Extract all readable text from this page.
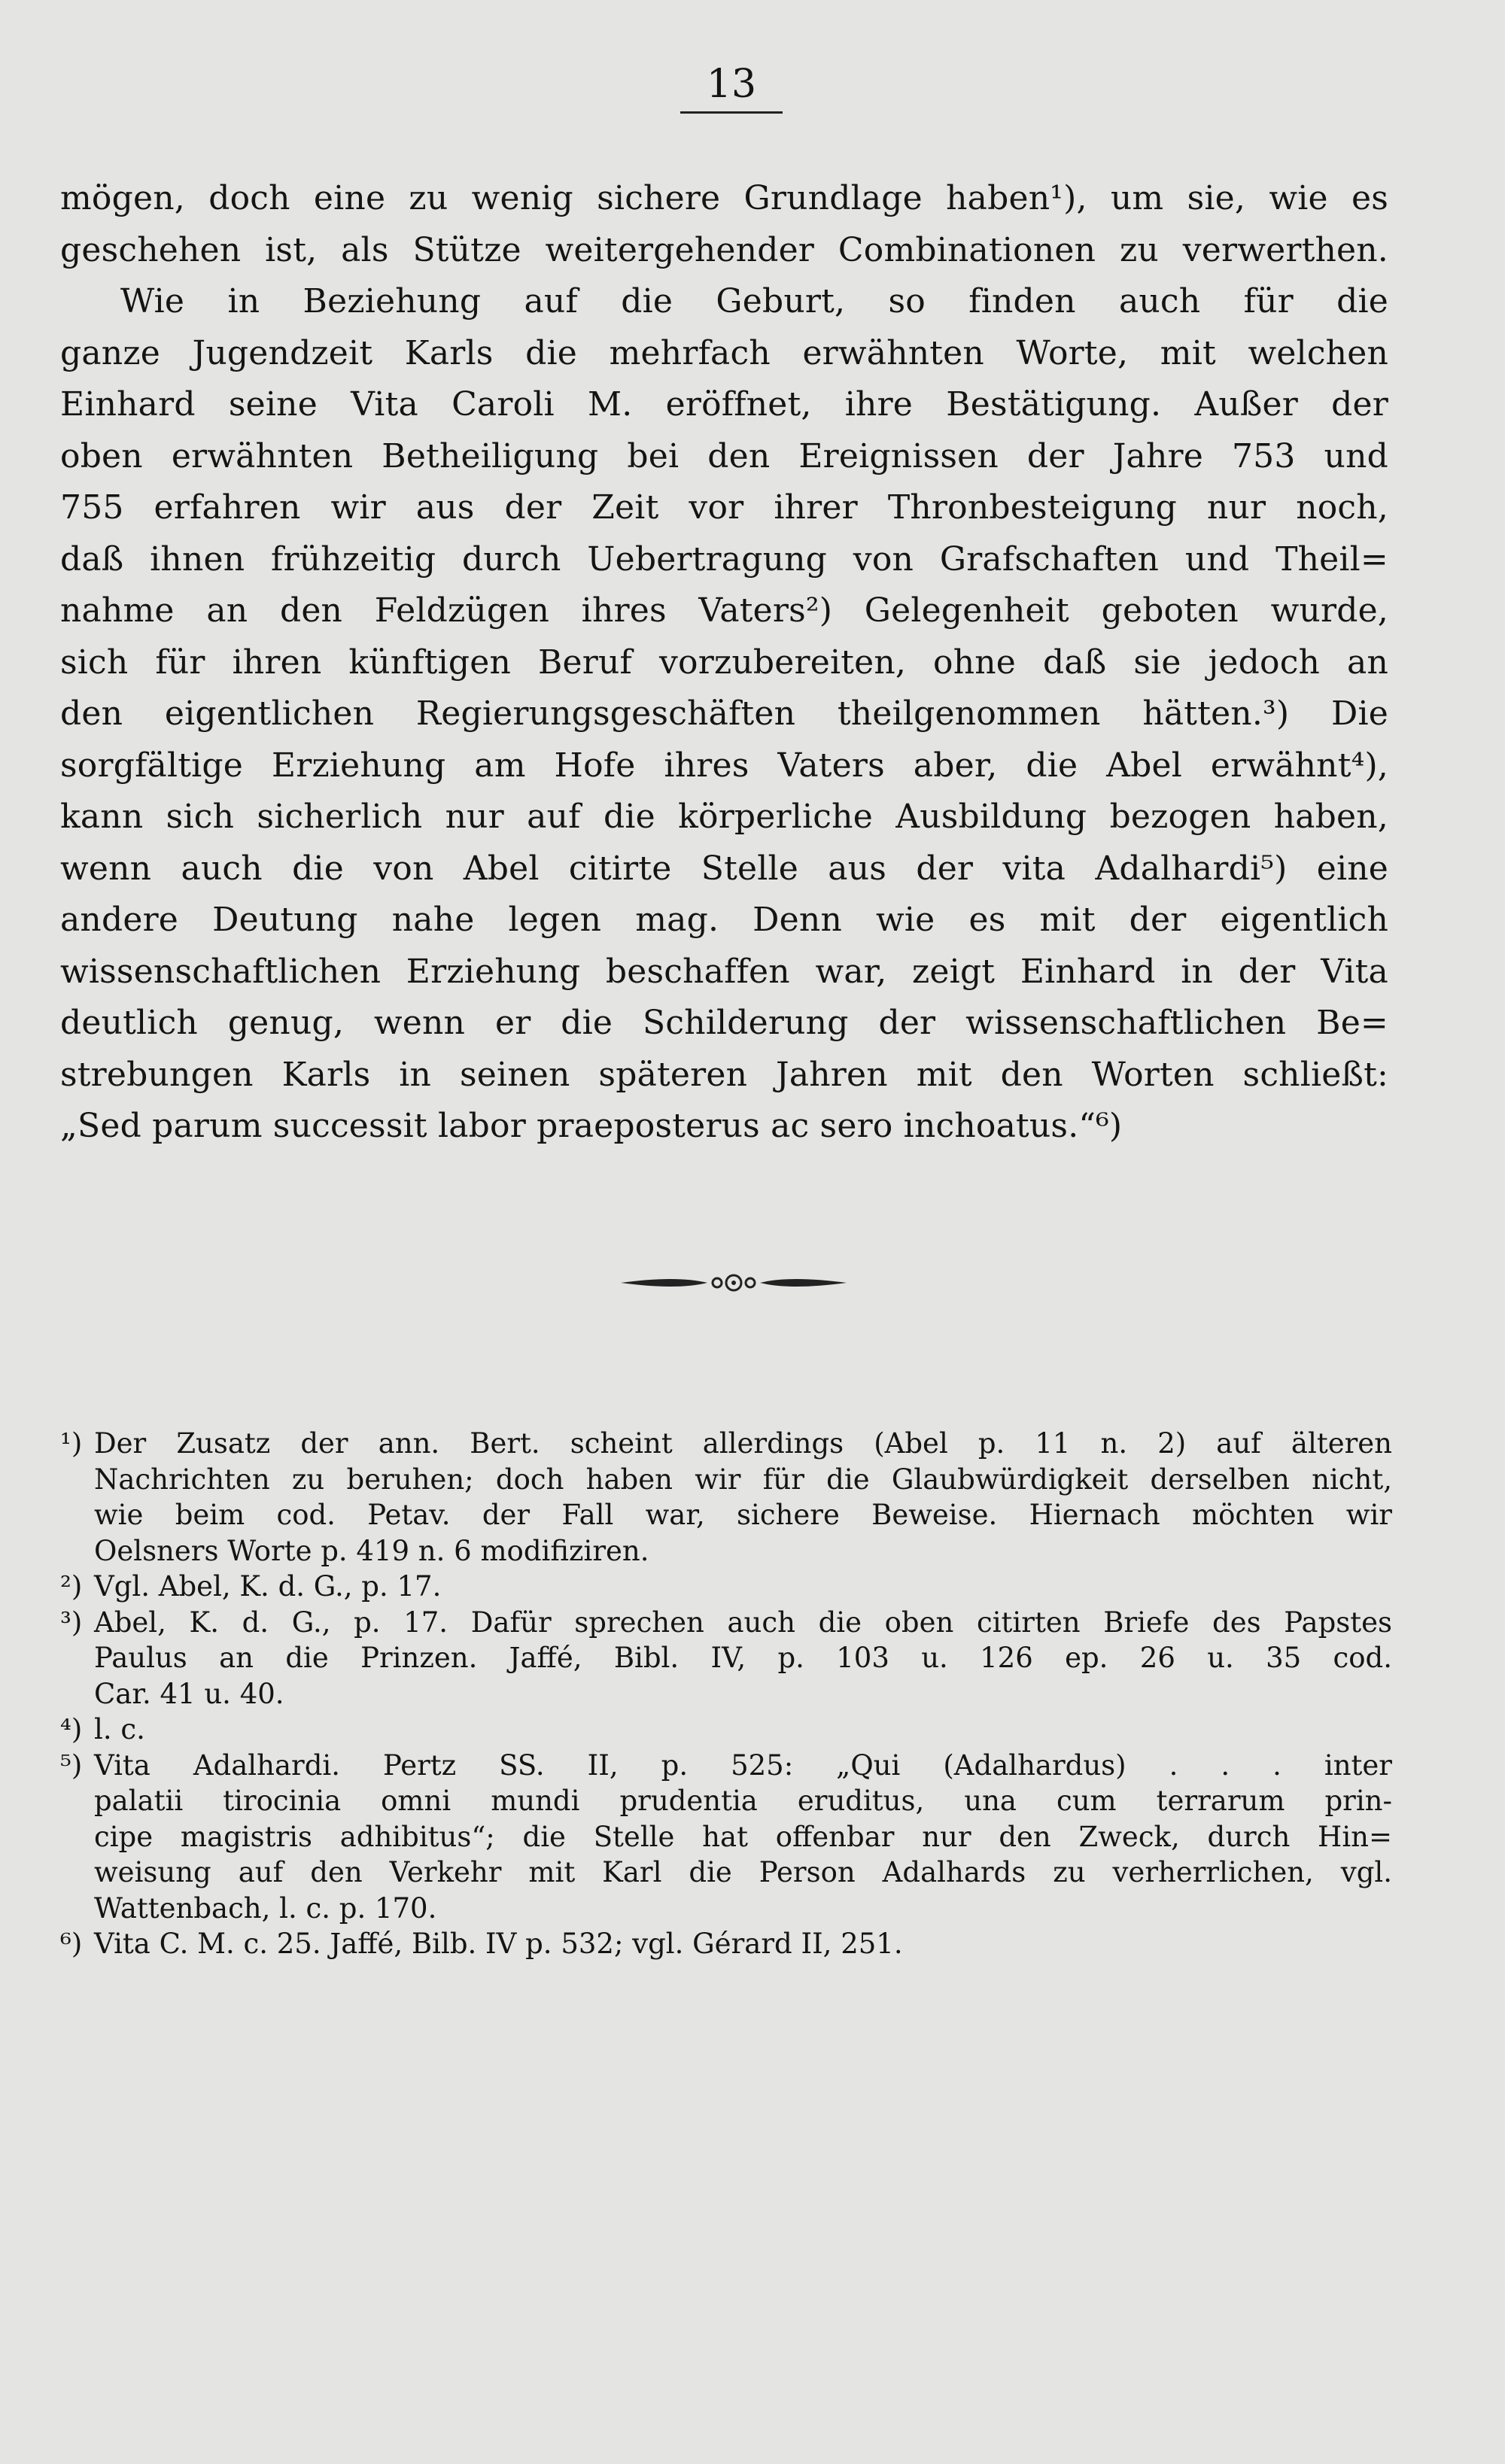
13
mögen, doch eine zu wenig sichere Grundlage haben¹), um sie, wie es
geschehen ist, als Stütze weitergehender Combinationen zu verwerthen.
Wie in Beziehung auf die Geburt, so finden auch für die
ganze Jugendzeit Karls die mehrfach erwähnten Worte, mit welchen
Einhard seine Vita Caroli M. eröffnet, ihre Bestätigung. Außer der
oben erwähnten Betheiligung bei den Ereignissen der Jahre 753 und
755 erfahren wir aus der Zeit vor ihrer Thronbesteigung nur noch,
daß ihnen frühzeitig durch Uebertragung von Grafschaften und Theil=
nahme an den Feldzügen ihres Vaters²) Gelegenheit geboten wurde,
sich für ihren künftigen Beruf vorzubereiten, ohne daß sie jedoch an
den eigentlichen Regierungsgeschäften theilgenommen hätten.³) Die
sorgfältige Erziehung am Hofe ihres Vaters aber, die Abel erwähnt⁴),
kann sich sicherlich nur auf die körperliche Ausbildung bezogen haben,
wenn auch die von Abel citirte Stelle aus der vita Adalhardi⁵) eine
andere Deutung nahe legen mag. Denn wie es mit der eigentlich
wissenschaftlichen Erziehung beschaffen war, zeigt Einhard in der Vita
deutlich genug, wenn er die Schilderung der wissenschaftlichen Be=
strebungen Karls in seinen späteren Jahren mit den Worten schließt:
„Sed parum successit labor praeposterus ac sero inchoatus.“⁶)
¹) Der Zusatz der ann. Bert. scheint allerdings (Abel p. 11 n. 2) auf älteren
Nachrichten zu beruhen; doch haben wir für die Glaubwürdigkeit derselben nicht,
wie beim cod. Petav. der Fall war, sichere Beweise. Hiernach möchten wir
Oelsners Worte p. 419 n. 6 modifiziren.
²) Vgl. Abel, K. d. G., p. 17.
³) Abel, K. d. G., p. 17. Dafür sprechen auch die oben citirten Briefe des Papstes
Paulus an die Prinzen. Jaffé, Bibl. IV, p. 103 u. 126 ep. 26 u. 35 cod.
Car. 41 u. 40.
⁴) l. c.
⁵) Vita Adalhardi. Pertz SS. II, p. 525: „Qui (Adalhardus) . . . inter
palatii tirocinia omni mundi prudentia eruditus, una cum terrarum prin-
cipe magistris adhibitus“; die Stelle hat offenbar nur den Zweck, durch Hin=
weisung auf den Verkehr mit Karl die Person Adalhards zu verherrlichen, vgl.
Wattenbach, l. c. p. 170.
⁶) Vita C. M. c. 25. Jaffé, Bilb. IV p. 532; vgl. Gérard II, 251.
